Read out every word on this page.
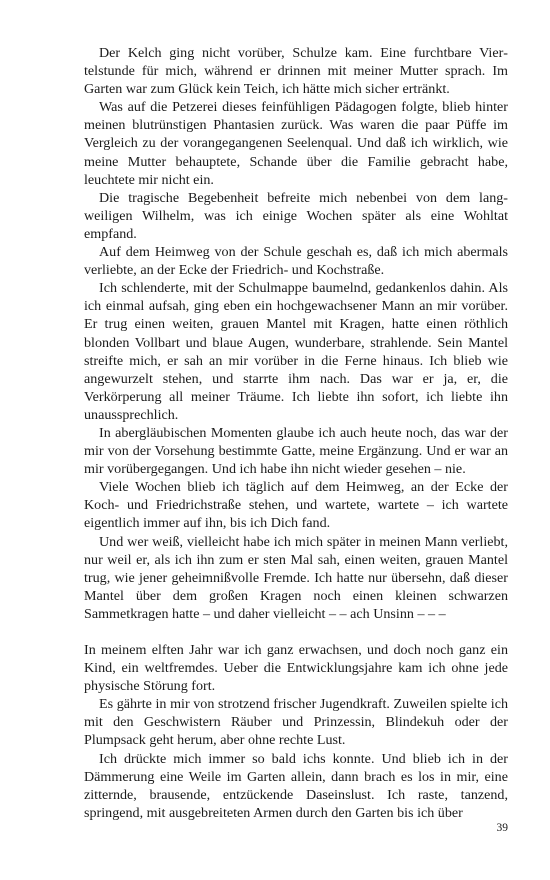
Der Kelch ging nicht vorüber, Schulze kam. Eine furchtbare Viertelstunde für mich, während er drinnen mit meiner Mutter sprach. Im Garten war zum Glück kein Teich, ich hätte mich sicher ertränkt.

Was auf die Petzerei dieses feinfühligen Pädagogen folgte, blieb hinter meinen blutrünstigen Phantasien zurück. Was waren die paar Püffe im Vergleich zu der vorangegangenen Seelenqual. Und daß ich wirklich, wie meine Mutter behauptete, Schande über die Familie gebracht habe, leuchtete mir nicht ein.

Die tragische Begebenheit befreite mich nebenbei von dem langweiligen Wilhelm, was ich einige Wochen später als eine Wohltat empfand.

Auf dem Heimweg von der Schule geschah es, daß ich mich abermals verliebte, an der Ecke der Friedrich- und Kochstraße.

Ich schlenderte, mit der Schulmappe baumelnd, gedankenlos dahin. Als ich einmal aufsah, ging eben ein hochgewachsener Mann an mir vorüber. Er trug einen weiten, grauen Mantel mit Kragen, hatte einen röthlich blonden Vollbart und blaue Augen, wunderbare, strahlende. Sein Mantel streifte mich, er sah an mir vorüber in die Ferne hinaus. Ich blieb wie angewurzelt stehen, und starrte ihm nach. Das war er ja, er, die Verkörperung all meiner Träume. Ich liebte ihn sofort, ich liebte ihn unaussprechlich.

In abergläubischen Momenten glaube ich auch heute noch, das war der mir von der Vorsehung bestimmte Gatte, meine Ergänzung. Und er war an mir vorübergegangen. Und ich habe ihn nicht wieder gesehen – nie.

Viele Wochen blieb ich täglich auf dem Heimweg, an der Ecke der Koch- und Friedrichstraße stehen, und wartete, wartete – ich wartete eigentlich immer auf ihn, bis ich Dich fand.

Und wer weiß, vielleicht habe ich mich später in meinen Mann verliebt, nur weil er, als ich ihn zum er sten Mal sah, einen weiten, grauen Mantel trug, wie jener geheimnißvolle Fremde. Ich hatte nur übersehn, daß dieser Mantel über dem großen Kragen noch einen kleinen schwarzen Sammetkragen hatte – und daher vielleicht – – ach Unsinn – – –

In meinem elften Jahr war ich ganz erwachsen, und doch noch ganz ein Kind, ein weltfremdes. Ueber die Entwicklungsjahre kam ich ohne jede physische Störung fort.

Es gährte in mir von strotzend frischer Jugendkraft. Zuweilen spielte ich mit den Geschwistern Räuber und Prinzessin, Blindekuh oder der Plumpsack geht herum, aber ohne rechte Lust.

Ich drückte mich immer so bald ichs konnte. Und blieb ich in der Dämmerung eine Weile im Garten allein, dann brach es los in mir, eine zitternde, brausende, entzückende Daseinslust. Ich raste, tanzend, springend, mit ausgebreiteten Armen durch den Garten bis ich über

39
